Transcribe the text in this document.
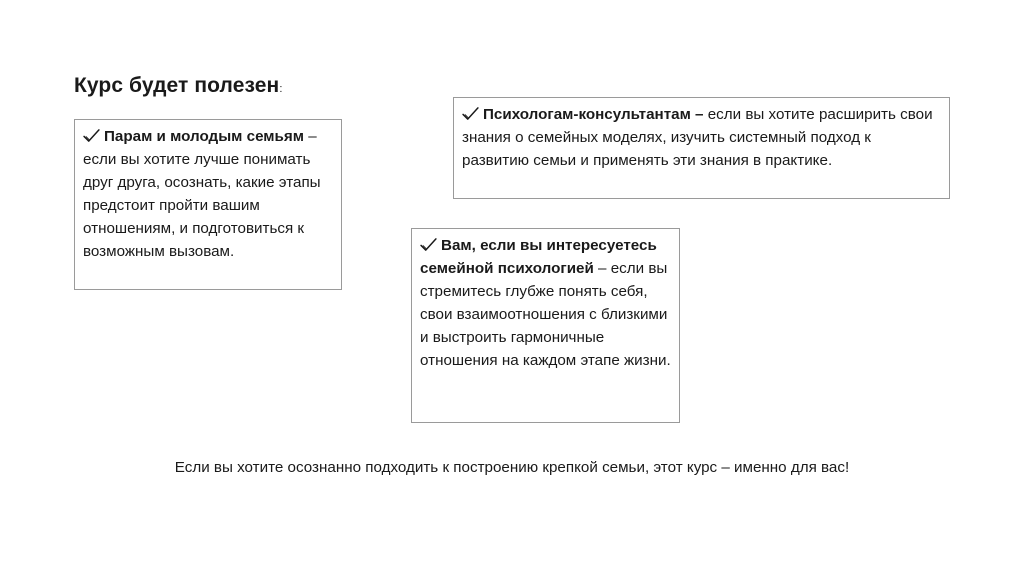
Курс будет полезен:
Парам и молодым семьям – если вы хотите лучше понимать друг друга, осознать, какие этапы предстоит пройти вашим отношениям, и подготовиться к возможным вызовам.
Психологам-консультантам – если вы хотите расширить свои знания о семейных моделях, изучить системный подход к развитию семьи и применять эти знания в практике.
Вам, если вы интересуетесь семейной психологией – если вы стремитесь глубже понять себя, свои взаимоотношения с близкими и выстроить гармоничные отношения на каждом этапе жизни.
Если вы хотите осознанно подходить к построению крепкой семьи, этот курс – именно для вас!
